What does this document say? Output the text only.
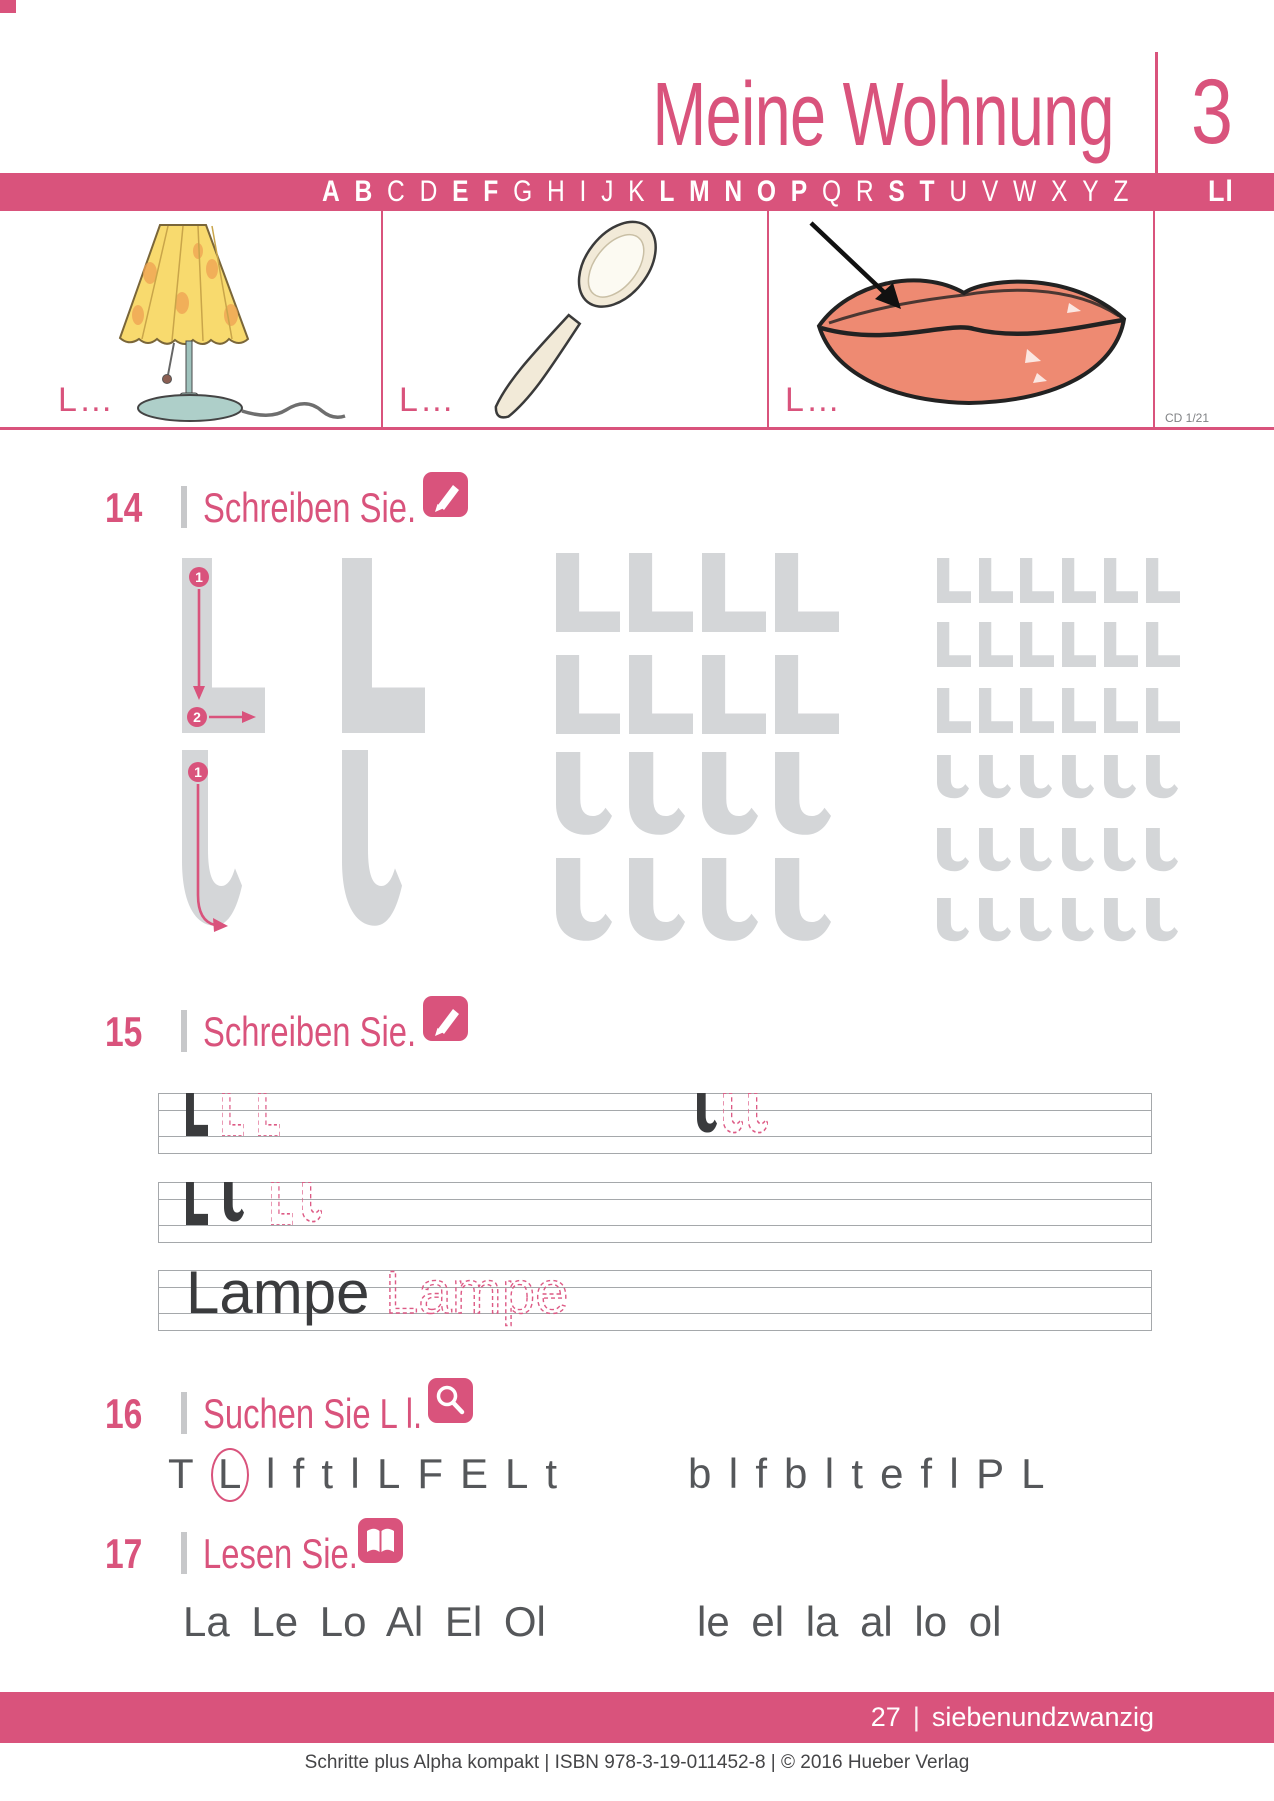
Meine Wohnung 3
AB CD EF GHIJK LMNOP QR ST UVWXYZ Ll
L…	L…	L…	CD 1/21
14 Schreiben Sie.
1
2
1
15 Schreiben Sie.
Lampe Lampe
16 Suchen Sie L l.
T L l f t l L F E L t	b l f b l t e f l P L
17 Lesen Sie.
La Le Lo Al El Ol	le el la al lo ol
27 | siebenundzwanzig
Schritte plus Alpha kompakt | ISBN 978-3-19-011452-8 | © 2016 Hueber Verlag
